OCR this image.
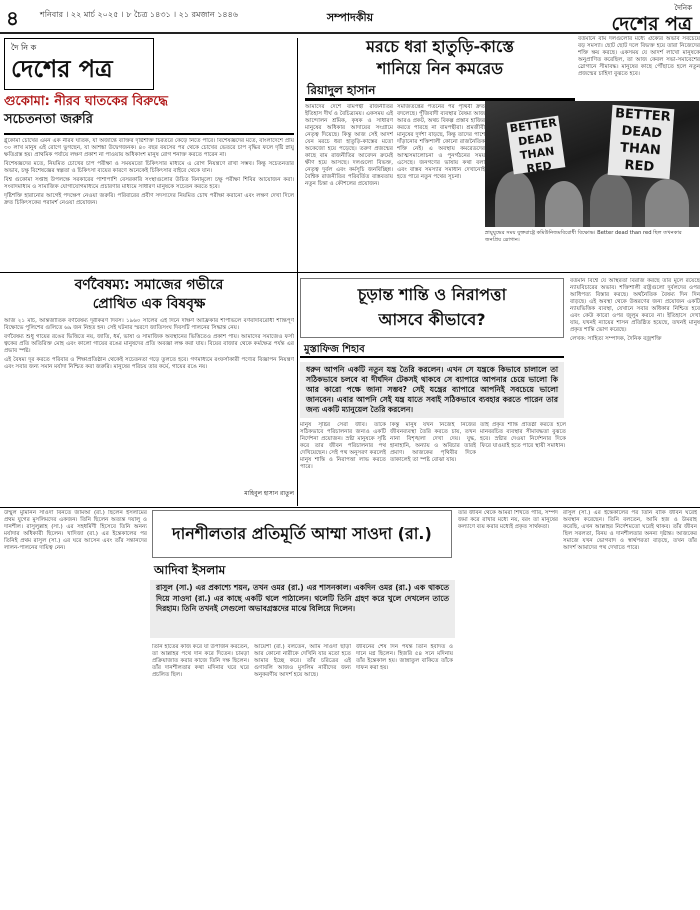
৪	শনিবার । ২২ মার্চ ২০২৫ । ৮ চৈত্র ১৪৩১ । ২১ রমজান ১৪৪৬	সম্পাদকীয়
দৈনিক
দেশের পত্র
দৈ নি ক
দেশের পত্র
গুকোমা: নীরব ঘাতকের বিরুদ্ধে
সচেতনতা জরুরি

গ্লুকোমা চোখের এমন এক নীরব ঘাতক, যা অজান্তে ব্যক্তির দৃষ্টিশক্তি চিরতরে কেড়ে নিতে পারে। বিশেষজ্ঞদের মতে, বাংলাদেশে প্রায় ৩০ লাখ মানুষ এই রোগে ভুগছেন, যা আশঙ্কা উদ্বেগজনক। ৪০ বছর বয়সের পর থেকে চোখের ভেতরে চাপ বৃদ্ধির ফলে দৃষ্টি স্নায়ু ক্ষতিগ্রস্ত হয়। প্রাথমিক পর্যায়ে লক্ষণ প্রকাশ না পাওয়ায় অধিকাংশ মানুষ রোগ শনাক্ত করতে পারেন না।

বিশেষজ্ঞদের মতে, নিয়মিত চোখের চাপ পরীক্ষা ও সময়মতো চিকিৎসার মাধ্যমে এ রোগ নিয়ন্ত্রণে রাখা সম্ভব। কিন্তু সচেতনতার অভাব, চক্ষু বিশেষজ্ঞের স্বল্পতা ও চিকিৎসা ব্যয়ের কারণে অনেকেই চিকিৎসার বাইরে থেকে যান।

বিশ্ব গুকোমা সপ্তাহ উপলক্ষে সরকারের পাশাপাশি বেসরকারি সংস্থাগুলোর উচিত বিনামূল্যে চক্ষু পরীক্ষা শিবির আয়োজন করা। সংবাদমাধ্যম ও সামাজিক যোগাযোগমাধ্যমে প্রচারণার মাধ্যমে সাধারণ মানুষকে সচেতন করতে হবে।

দৃষ্টিশক্তি হারানোর আগেই পদক্ষেপ নেওয়া জরুরি। পরিবারের প্রবীণ সদস্যদের নিয়মিত চোখ পরীক্ষা করানো এবং লক্ষণ দেখা দিলে দ্রুত চিকিৎসকের পরামর্শ নেওয়া প্রয়োজন।

মরচে ধরা হাতুড়ি-কাস্তে
শানিয়ে নিন কমরেড
রিয়াদুল হাসান
আমাদের দেশে বামপন্থী রাজনীতির ইতিহাস দীর্ঘ ও বৈচিত্র্যময়। একসময় এই আন্দোলন শ্রমিক, কৃষক ও সাধারণ মানুষের অধিকার আদায়ের সংগ্রামে নেতৃত্ব দিয়েছে। কিন্তু আজ সেই আদর্শ যেন মরচে ধরা হাতুড়ি-কাস্তের মতো অকেজো হয়ে পড়েছে। তরুণ প্রজন্মের কাছে বাম রাজনীতির আবেদন ক্রমেই ক্ষীণ হয়ে আসছে। দলগুলো বিভক্ত, নেতৃত্ব দুর্বল এবং কর্মসূচি জনবিচ্ছিন্ন। বৈশ্বিক রাজনীতির পরিবর্তিত বাস্তবতায় নতুন চিন্তা ও কৌশলের প্রয়োজন।
সমাজতন্ত্রের পতনের পর পৃথিবী দ্রুত বদলেছে। পুঁজিবাদী ব্যবস্থার বৈষম্য আজ আরও প্রকট, অথচ বিকল্প প্রস্তাব হাজির করতে পারছে না বামপন্থীরা। শ্রমজীবী মানুষের দুর্দশা বাড়ছে, কিন্তু তাদের পাশে দাঁড়ানোর শক্তিশালী কোনো রাজনৈতিক শক্তি নেই। এ অবস্থায় কমরেডদের আত্মসমালোচনা ও পুনর্গঠনের সময় এসেছে। জনগণের ভাষায় কথা বলা এবং বাস্তব সমস্যার সমাধান দেখানোই হতে পারে নতুন পথের সূচনা।
বর্তমানে বাম দলগুলোর মধ্যে ঐক্যের অভাব সবচেয়ে বড় সমস্যা। ছোট ছোট দলে বিভক্ত হয়ে তারা নিজেদের শক্তি ক্ষয় করছে। একসময় যে আদর্শ লাখো মানুষকে অনুপ্রাণিত করেছিল, তা আজ কেবল সভা-সমাবেশের স্লোগানে সীমাবদ্ধ। মানুষের কাছে পৌঁছাতে হলে নতুন প্রজন্মের চাহিদা বুঝতে হবে।
BETTER DEAD THAN RED
BETTER DEAD THAN RED
স্নায়ুযুদ্ধের সময় যুক্তরাষ্ট্রে কমিউনিজমবিরোধী বিক্ষোভ। Better dead than red ছিল তখনকার জনপ্রিয় স্লোগান।
বর্ণবৈষম্য: সমাজের গভীরে
প্রোথিত এক বিষবৃক্ষ

আজ ২১ মার্চ, আন্তর্জাতিক বর্ণবৈষম্য দূরীকরণ দিবস। ১৯৬০ সালের এই দিনে দক্ষিণ আফ্রিকার শার্পভিলে বর্ণবাদবিরোধী শান্তিপূর্ণ বিক্ষোভে পুলিশের গুলিতে ৬৯ জন নিহত হন। সেই ঘটনার স্মরণে জাতিসংঘ দিবসটি পালনের সিদ্ধান্ত নেয়।

বর্ণবৈষম্য শুধু গায়ের রঙের ভিত্তিতে নয়, জাতি, ধর্ম, ভাষা ও সামাজিক অবস্থানের ভিত্তিতেও প্রকাশ পায়। আমাদের সমাজেও ফর্সা ত্বকের প্রতি অতিরিক্ত মোহ এবং কালো গায়ের রঙের মানুষদের প্রতি অবজ্ঞা লক্ষ করা যায়। বিয়ের বাজার থেকে কর্মক্ষেত্র পর্যন্ত এর প্রভাব স্পষ্ট।

এই বৈষম্য দূর করতে পরিবার ও শিক্ষাপ্রতিষ্ঠান থেকেই সচেতনতা গড়ে তুলতে হবে। গণমাধ্যমে রংফর্সাকারী পণ্যের বিজ্ঞাপন নিয়ন্ত্রণ এবং সবার জন্য সমান মর্যাদা নিশ্চিত করা জরুরি। মানুষের পরিচয় তার কর্মে, গায়ের রঙে নয়।

মাহিবুল হাসান রাতুল
চূড়ান্ত শান্তি ও নিরাপত্তা
আসবে কীভাবে?
মুস্তাফিজ শিহাব
ধরুন আপনি একটি নতুন যন্ত্র তৈরি করলেন। এখন সে যন্ত্রকে কিভাবে চালালে তা সঠিকভাবে চলবে বা দীর্ঘদিন টেকসই থাকবে সে ব্যাপারে আপনার চেয়ে ভালো কি আর কারো পক্ষে জানা সম্ভব? সেই যন্ত্রের ব্যাপারে আপনিই সবচেয়ে ভালো জানবেন। এবার আপনি সেই যন্ত্র যাতে সবাই সঠিকভাবে ব্যবহার করতে পারেন তার জন্য একটি ম্যানুয়েল তৈরি করলেন।
মানুষ সৃষ্টির সেরা জীব। তাকে সঠিকভাবে পরিচালনার জন্যও একটি নির্দেশনা প্রয়োজন। স্রষ্টা মানুষকে সৃষ্টি করে তার জীবন পরিচালনার পথ দেখিয়েছেন। সেই পথ অনুসরণ করলেই মানুষ শান্তি ও নিরাপত্তা লাভ করতে পারে।
কিন্তু মানুষ যখন নিজেই নিজের জীবনব্যবস্থা তৈরি করতে চায়, তখন নানা বিশৃঙ্খলা দেখা দেয়। যুদ্ধ, হানাহানি, অন্যায় ও অবিচার তারই প্রমাণ। আজকের পৃথিবীর দিকে তাকালেই তা স্পষ্ট বোঝা যায়।
তাই প্রকৃত শান্তি প্রতিষ্ঠা করতে হলে মানবরচিত ব্যবস্থার সীমাবদ্ধতা বুঝতে হবে। স্রষ্টার দেওয়া নির্দেশনার দিকে ফিরে যাওয়াই হতে পারে স্থায়ী সমাধান।

বর্তমান বিশ্বে যে অস্থিরতা বিরাজ করছে তার মূলে রয়েছে ন্যায়বিচারের অভাব। শক্তিশালী রাষ্ট্রগুলো দুর্বলদের ওপর আধিপত্য বিস্তার করছে। অর্থনৈতিক বৈষম্য দিন দিন বাড়ছে। এই অবস্থা থেকে উত্তরণের জন্য প্রয়োজন একটি ন্যায়ভিত্তিক ব্যবস্থা, যেখানে সবার অধিকার নিশ্চিত হবে এবং কেউ কারো ওপর জুলুম করবে না। ইতিহাসে দেখা যায়, যখনই ন্যায়ের শাসন প্রতিষ্ঠিত হয়েছে, তখনই মানুষ প্রকৃত শান্তি ভোগ করেছে।

লেখক: সাহিত্য সম্পাদক, দৈনিক বজ্রশক্তি

দানশীলতার প্রতিমূর্তি আম্মা সাওদা (রা.)
আদিবা ইসলাম
রাসুল (সা.) এর প্রকাশ্যে শয়ন, তখন ওমর (রা.) এর শাসনকাল। একদিন ওমর (রা.) এক থাকতে দিয়ে সাওদা (রা.) এর কাছে একটি থলে পাঠালেন। থলেটি তিনি গ্রহণ করে খুলে দেখলেন তাতে দিরহাম। তিনি তখনই সেগুলো অভাবগ্রস্তদের মাঝে বিলিয়ে দিলেন।
উম্মুল মুমিনিন সাওদা বিনতে জামআ (রা.) ছিলেন ইসলামের প্রথম যুগের মুসলিমদের একজন। তিনি ছিলেন অত্যন্ত দয়ালু ও দানশীল। রাসুলুল্লাহ (সা.) এর সহধর্মিণী হিসেবে তিনি অনন্য মর্যাদার অধিকারী ছিলেন। খাদিজা (রা.) এর ইন্তেকালের পর তিনিই প্রথম রাসুল (সা.) এর ঘরে আসেন এবং তাঁর সন্তানদের লালন-পালনের দায়িত্ব নেন।
তিনি হাতের কাজ করে যা উপার্জন করতেন, তা আল্লাহর পথে দান করে দিতেন। চামড়া প্রক্রিয়াজাত করার কাজে তিনি দক্ষ ছিলেন। তাঁর দানশীলতার কথা মদিনার ঘরে ঘরে প্রচলিত ছিল।
আয়েশা (রা.) বলতেন, আমি সাওদা ছাড়া আর কোনো নারীকে দেখিনি যার মতো হতে আমার ইচ্ছে করে। তাঁর চরিত্রের এই গুণাবলি আজও মুসলিম নারীদের জন্য অনুকরণীয় আদর্শ হয়ে আছে।
জীবনের শেষ দিন পর্যন্ত তিনি ইবাদত ও দানে মগ্ন ছিলেন। হিজরি ৫৪ সনে মদিনায় তাঁর ইন্তেকাল হয়। জান্নাতুল বাকিতে তাঁকে দাফন করা হয়।
তাঁর জীবন থেকে আমরা শিখতে পারি, সম্পদ জমা করে রাখার মধ্যে নয়, বরং তা মানুষের কল্যাণে ব্যয় করার মধ্যেই প্রকৃত সার্থকতা।
রাসুল (সা.) এর ইন্তেকালের পর তিনি বাকি জীবন ঘরেই অবস্থান করেছেন। তিনি বলতেন, আমি হজ ও উমরাহ করেছি, এখন আল্লাহর নির্দেশমতো ঘরেই থাকব। তাঁর জীবন ছিল সরলতা, বিনয় ও দানশীলতার অনন্য দৃষ্টান্ত। আজকের সমাজে যখন ভোগবাদ ও স্বার্থপরতা বাড়ছে, তখন তাঁর আদর্শ আমাদের পথ দেখাতে পারে।
